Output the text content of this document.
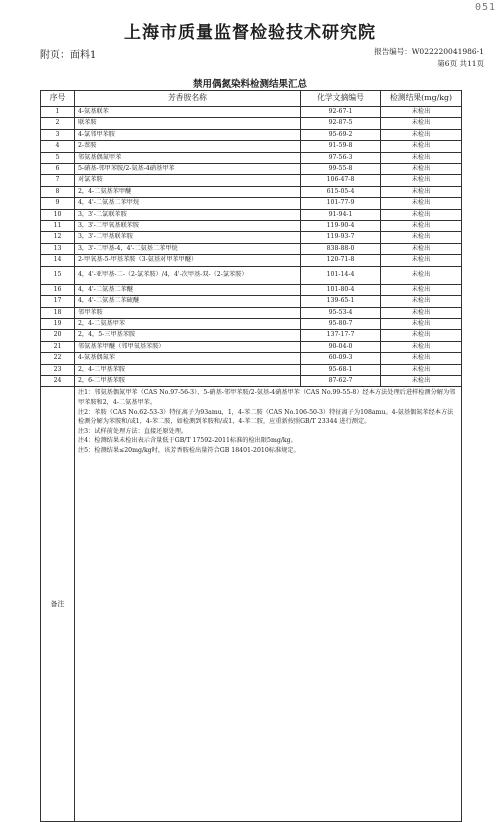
051
上海市质量监督检验技术研究院
附页：面料1	报告编号：W022220041986-1
第6页 共11页
禁用偶氮染料检测结果汇总
序号	芳香胺名称	化学文摘编号	检测结果(mg/kg)
1	4-氨基联苯	92-67-1	未检出
2	联苯胺	92-87-5	未检出
3	4-氯邻甲苯胺	95-69-2	未检出
4	2-萘胺	91-59-8	未检出
5	邻氨基偶氮甲苯	97-56-3	未检出
6	5-硝基-邻甲苯胺/2-氨基-4硝基甲苯	99-55-8	未检出
7	对氯苯胺	106-47-8	未检出
8	2，4-二氨基苯甲醚	615-05-4	未检出
9	4，4'-二氨基二苯甲烷	101-77-9	未检出
10	3，3'-二氯联苯胺	91-94-1	未检出
11	3，3'-二甲氧基联苯胺	119-90-4	未检出
12	3，3'-二甲基联苯胺	119-93-7	未检出
13	3，3'-二甲基-4，4'-二氨基二苯甲烷	838-88-0	未检出
14	2-甲氧基-5-甲基苯胺（3-氨基对甲苯甲醚）	120-71-8	未检出
15	4，4'-亚甲基-二-（2-氯苯胺）/4，4'-次甲基-双-（2-氯苯胺）	101-14-4	未检出
16	4，4'-二氨基二苯醚	101-80-4	未检出
17	4，4'-二氨基二苯硫醚	139-65-1	未检出
18	邻甲苯胺	95-53-4	未检出
19	2，4-二氨基甲苯	95-80-7	未检出
20	2，4，5-三甲基苯胺	137-17-7	未检出
21	邻氨基苯甲醚（邻甲氧基苯胺）	90-04-0	未检出
22	4-氨基偶氮苯	60-09-3	未检出
23	2，4-二甲基苯胺	95-68-1	未检出
24	2，6-二甲基苯胺	87-62-7	未检出
备注	注1：邻氨基偶氮甲苯（CAS No.97-56-3）、5-硝基-邻甲苯胺/2-氨基-4硝基甲苯（CAS No.99-55-8）经本方法处理后进样检测分解为邻甲苯胺和2，4-二氨基甲苯。
注2：苯胺（CAS No.62-53-3）特征离子为93amu，1，4-苯二胺（CAS No.106-50-3）特征离子为108amu。4-氨基偶氮苯经本方法检测分解为苯胺和/或1，4-苯二胺，如检测到苯胺和/或1，4-苯二胺，应重新按照GB/T 23344 进行测定。
注3：试样前处理方法：直接还原处理。
注4：检测结果未检出表示含量低于GB/T 17592-2011标准的检出限5mg/kg。
注5：检测结果≤20mg/kg时，该芳香胺检出量符合GB 18401-2010标准规定。		
